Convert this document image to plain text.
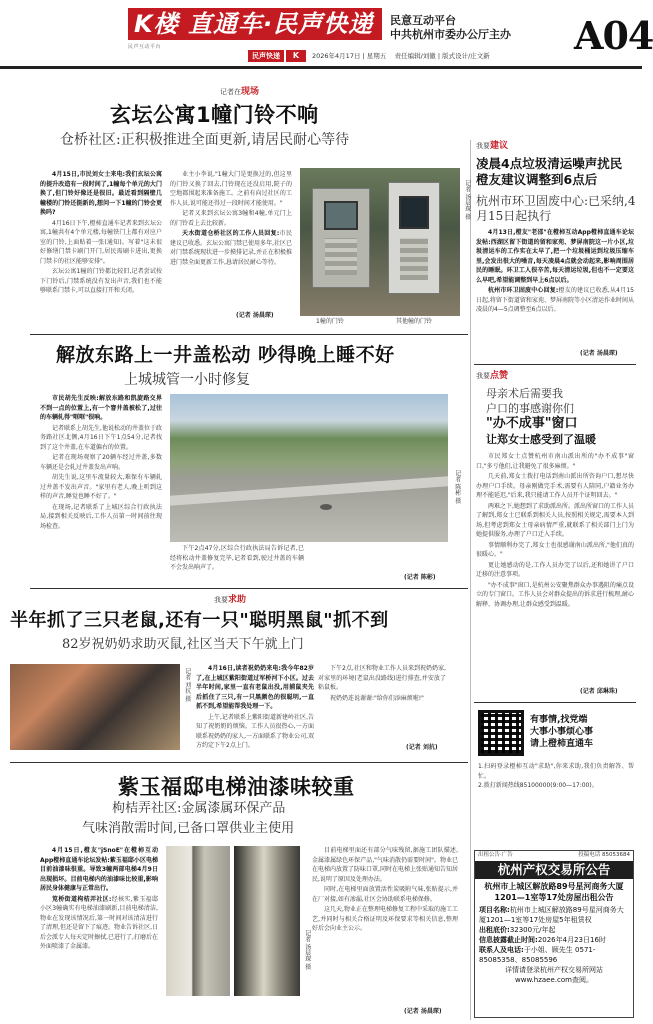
K楼 直通车·民声快递
民声互动平台
民声快递	K
民意互动平台
中共杭州市委办公厅主办
2026年4月17日 | 星期五 责任编辑/刘徽 | 版式设计/庄文新 A04
记者在现场
玄坛公寓1幢门铃不响
仓桥社区:正积极推进全面更新,请居民耐心等待

4月15日,市民刘女士来电:我们玄坛公寓的提升改造有一段时间了,1幢每个单元的大门换了,但门铃好像还是很旧。最近看到隔壁几幢楼的门铃还挺新的,想问一下1幢的门铃会更换吗?

4月16日下午,橙柿直通车记者来到玄坛公寓,1幢共有4个单元楼,每幢铁门上都有对应户室的门铃,上面贴着一张(通知)。写着"这未很好修缮门禁卡刷门开门,居民需刷卡进出,更换门禁卡的社区能够安排"。

玄坛公寓1幢的门铃都比较旧,记者尝试按下门铃后,门禁系统没有发出声音,我们也不能够联系门禁卡,可以直接打开和关闭。

业主小李说,"1幢大门是更换过的,但这里的门铃又换了回去,门铃现在还没启用,院子的空地都围起来准备施工。之前有向过社区的工作人员,说可能还得过一段时间才能使用。"

记者又来到玄坛公寓3幢和4幢,单元门上的门铃看上去比较新。

天水街道仓桥社区的工作人员回复:市民建议已收悉。玄坛公寓门禁已使用多年,社区已对门禁系统现状进一步摸排记录,并正在积极推进门禁全面更新工作,恳请居民耐心等待。

(记者 汤晨琛)
1幢的门铃	其他幢的门铃
记者 汤晨琛 摄
解放东路上一井盖松动 吵得晚上睡不好
上城城管一小时修复

市民胡先生反映:解放东路和凯旋路交界不到一点的位置上,有一个窨井盖被松了,过往的车辆轧得"哐哐"很响。

记者联系上胡先生,他说松动的井盖位于政务路社区北侧,4月16日下午1点54分,记者找到了这个井盖,在车道偏右的位置。

记者在现场观察了20辆车经过井盖,多数车辆还是会轧过井盖发出声响。

胡先生说,这里车流量较大,难保有车辆轧过井盖不发出声音。"家里有老人,晚上听到这样的声音,睡觉也睡不好了。"

在现场,记者联系了上城区综合行政执法局,接到相关反映后,工作人员第一时间前往现场检查。

记者 陈彬 摄

下午2点47分,区综合行政执法局告诉记者,已经将松动井盖修复完毕,记者看到,驶过井盖的车辆不会发出响声了。

(记者 陈彬)
我要求助
半年抓了三只老鼠,还有一只"聪明黑鼠"抓不到
82岁祝奶奶求助灭鼠,社区当天下午就上门
记者 刘抗 摄	4月16日,读者祝奶奶来电:我今年82岁了,在上城区紫阳街道过军桥河下小区。过去半年时间,家里一直有老鼠出没,用捕鼠夹先后抓住了三只,有一只黑颜色的很聪明,一直抓不到,希望能帮我处理一下。

上午,记者联系上紫阳街道新建岭社区,告知了祝奶奶的烦恼。工作人员很热心,一方面联系祝奶奶的家人,一方面联系了物业公司,双方约定下午2点上门。

下午2点,社区和物业工作人员来到祝奶奶家,对家里的环境(老鼠出没路线)进行排查,并安放了粘鼠板。

祝奶奶连说谢谢:"给你们添麻烦啦!"

(记者 刘抗)
紫玉福邸电梯油漆味较重
枸桔弄社区:金属漆属环保产品
气味消散需时间,已备口罩供业主使用

4月15日,橙友"jSnoE"在橙柿互动App橙柿直通车论坛发帖:紫玉福邸小区电梯目前油漆味很重。导致3幢两部电梯4月9日出现损坏。目前电梯内的油漆味比较重,影响居民身体健康与正常出行。

笕桥街道枸桔弄社区:经核实,紫玉福邸小区3幢确实有电梯油漆刷新,目前电梯清洁,物业在发现该情况后,第一时间对该清洁进行了清理,但还是留下了痕迹。物业告诉社区,日后会派专人每天定时擦拭,已进行了,打磨后在外面喷漆了金属漆。	记者 汤晨琛 摄

目前电梯里面还有部分气味残留,据施工团队描述,金属漆属绿色环保产品,"气味消散仍需要时间"。物业已在电梯内放置了防味口罩,同时在电梯上张贴通知告知居民,说明了原因及处理办法。

同时,在电梯里面放置活性炭吸附气味,张贴提示,并在厂对接,如有渗漏,社区会协助联系电梯保修。

这几天,物业正在整理电梯修复工程中采取的施工工艺,并同时与相关合格证明及环保要求等相关信息,整理好后会向业主公示。

(记者 汤晨琛)
我要建议
凌晨4点垃圾清运噪声扰民 橙友建议调整到6点后
杭州市环卫固废中心:已采纳,4月15日起执行

4月13日,橙友"老邵"在橙柿互动App橙柿直通车论坛发帖:西湖区留下街道的留和家苑、梦屏南院这一片小区,垃圾清运车的工作实在太早了,把一个垃圾桶运到垃圾压缩车里,会发出很大的噪音,每天凌晨4点就会动起来,影响周围居民的睡眠。环卫工人很辛苦,每天清运垃圾,但也不一定要这么早吧,希望能调整到早上6点以后。

杭州市环卫固废中心回复:橙友的建议已收悉,从4月15日起,将留下街道留和家苑、梦屏南院等小区清运作业时间从凌晨的4—5点调整至6点以后。

(记者 汤晨琛)
我要点赞
母亲术后需要我
户口的事感谢你们
"办不成事"窗口
让郑女士感受到了温暖

市民郑女士点赞杭州市南山派出所的"办不成事"窗口,"多亏他们,让我避免了很多麻烦。"

几天前,郑女士拨打电话到南山派出所咨询户口,想尽快办理户口手续。母亲刚做完手术,需要有人陪同,户籍业务办理不能延迟,"后来,我只能请工作人员开个证明回去。"

两难之下,她想到了求助派出所。派出所窗口的工作人员了解到,郑女士已联系到相关人员,按照相关规定,需要本人到场,但考虑到郑女士母亲病情严重,就联系了相关部门上门为她提供服务,办理了户口迁入手续。

事情顺利办完了,郑女士也很感谢南山派出所,"他们真的很暖心。"

更让她感动的是,工作人员办完了以后,还和她讲了户口迁移的注意事项。

"办不成事"窗口,是杭州公安聚焦群众办事遇阻的痛点设立的专门窗口。工作人员会对群众提出的诉求进行梳理,耐心解释、协调办理,让群众感受到温暖。

(记者 邱琳珠)
有事情,找党端
大事小事烦心事
请上橙柿直通车
1.扫码登录橙柿互动"求助",你来求助,我们负责解答、帮忙。
2.拨打新闻热线85100000(9:00—17:00)。
出租公告·广告	投稿电话 85053684
杭州产权交易所公告
杭州市上城区解放路89号星河商务大厦1201—1室等17处房屋出租公告
项目名称:杭州市上城区解放路89号星河商务大厦1201—1室等17处房屋5年租赁权
出租底价:32300元/年起
信息披露截止时间:2026年4月23日16时
联系人及电话:于小姐、顾先生 0571-85085358、85085596
详情请登录杭州产权交易所网站www.hzaee.com查阅。
